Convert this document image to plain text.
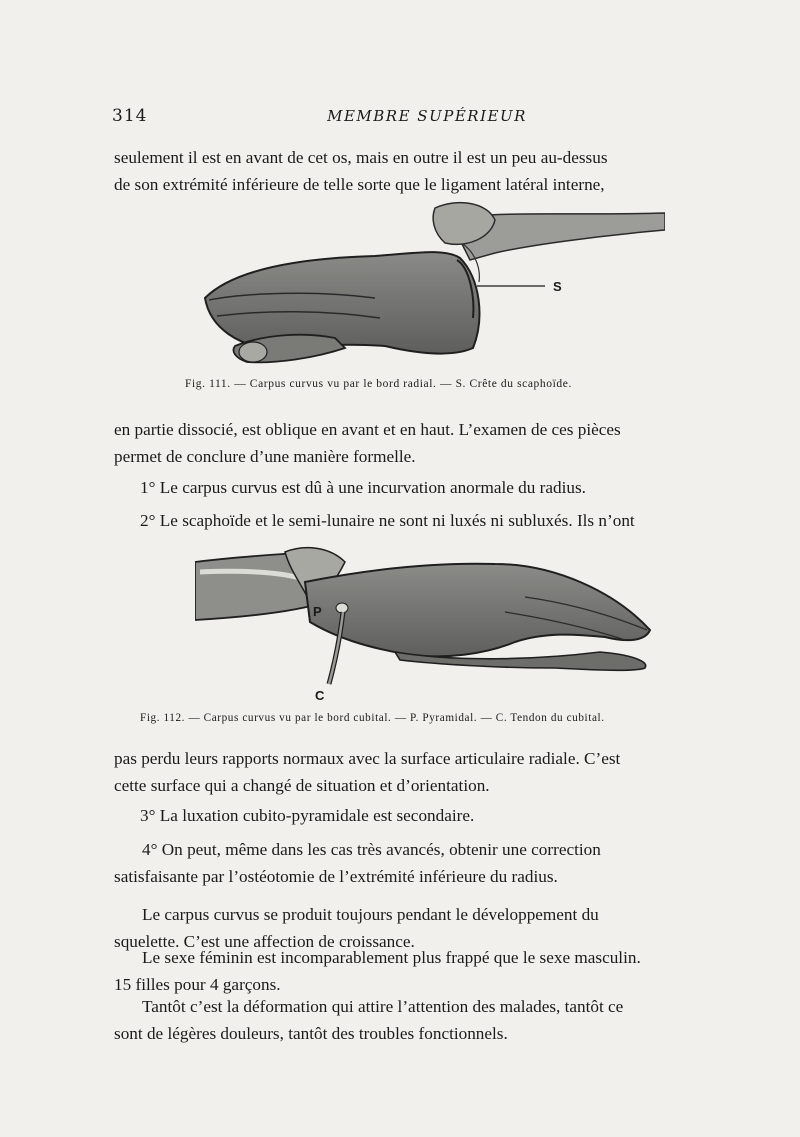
314	MEMBRE SUPÉRIEUR
seulement il est en avant de cet os, mais en outre il est un peu au-dessus
de son extrémité inférieure de telle sorte que le ligament latéral interne,
S
Fig. 111. — Carpus curvus vu par le bord radial. — S. Crête du scaphoïde.
en partie dissocié, est oblique en avant et en haut. L’examen de ces pièces
permet de conclure d’une manière formelle.
1° Le carpus curvus est dû à une incurvation anormale du radius.
2° Le scaphoïde et le semi-lunaire ne sont ni luxés ni subluxés. Ils n’ont
P
C
Fig. 112. — Carpus curvus vu par le bord cubital. — P. Pyramidal. — C. Tendon du cubital.
pas perdu leurs rapports normaux avec la surface articulaire radiale. C’est
cette surface qui a changé de situation et d’orientation.
3° La luxation cubito-pyramidale est secondaire.
4° On peut, même dans les cas très avancés, obtenir une correction
satisfaisante par l’ostéotomie de l’extrémité inférieure du radius.
Le carpus curvus se produit toujours pendant le développement du
squelette. C’est une affection de croissance.
Le sexe féminin est incomparablement plus frappé que le sexe masculin.
15 filles pour 4 garçons.
Tantôt c’est la déformation qui attire l’attention des malades, tantôt ce
sont de légères douleurs, tantôt des troubles fonctionnels.
